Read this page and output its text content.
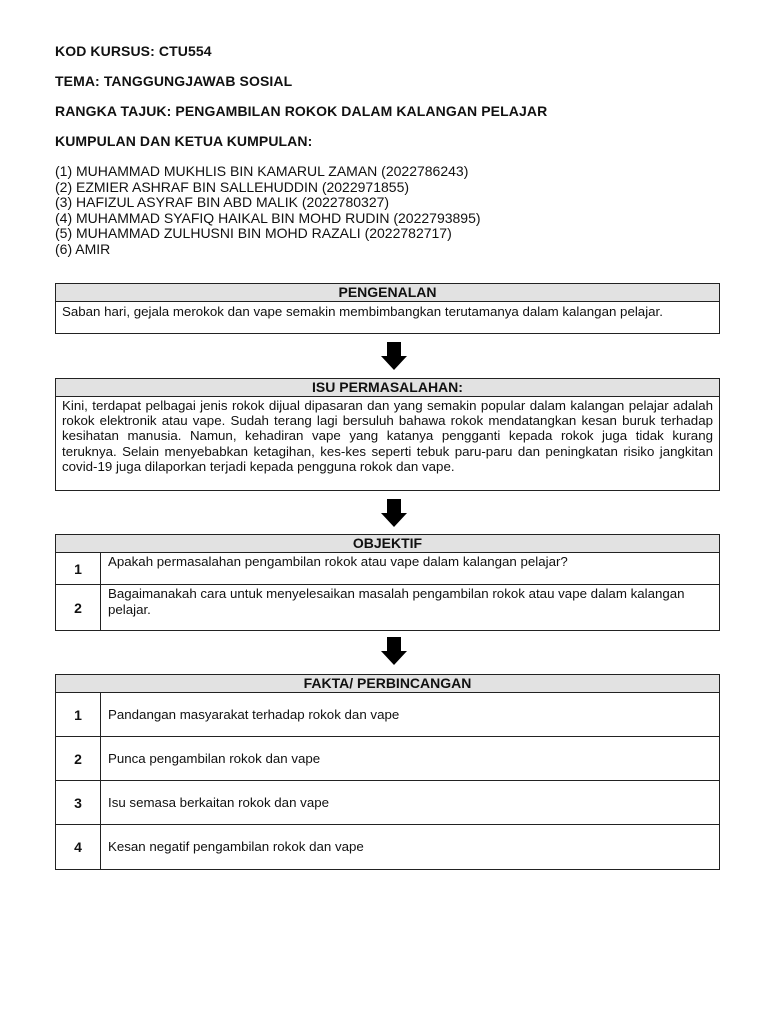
KOD KURSUS: CTU554
TEMA: TANGGUNGJAWAB SOSIAL
RANGKA TAJUK: PENGAMBILAN ROKOK DALAM KALANGAN PELAJAR
KUMPULAN DAN KETUA KUMPULAN:
(1) MUHAMMAD MUKHLIS BIN KAMARUL ZAMAN (2022786243)
(2) EZMIER ASHRAF BIN SALLEHUDDIN (2022971855)
(3) HAFIZUL ASYRAF BIN ABD MALIK (2022780327)
(4) MUHAMMAD SYAFIQ HAIKAL BIN MOHD RUDIN (2022793895)
(5) MUHAMMAD ZULHUSNI BIN MOHD RAZALI (2022782717)
(6) AMIR
PENGENALAN
Saban hari, gejala merokok dan vape semakin membimbangkan terutamanya dalam kalangan pelajar.
ISU PERMASALAHAN:
Kini, terdapat pelbagai jenis rokok dijual dipasaran dan yang semakin popular dalam kalangan pelajar adalah rokok elektronik atau vape. Sudah terang lagi bersuluh bahawa rokok mendatangkan kesan buruk terhadap kesihatan manusia. Namun, kehadiran vape yang katanya pengganti kepada rokok juga tidak kurang teruknya. Selain menyebabkan ketagihan, kes-kes seperti tebuk paru-paru dan peningkatan risiko jangkitan covid-19 juga dilaporkan terjadi kepada pengguna rokok dan vape.
OBJEKTIF
1	Apakah permasalahan pengambilan rokok atau vape dalam kalangan pelajar?
2	Bagaimanakah cara untuk menyelesaikan masalah pengambilan rokok atau vape dalam kalangan pelajar.
FAKTA/ PERBINCANGAN
1	Pandangan masyarakat terhadap rokok dan vape
2	Punca pengambilan rokok dan vape
3	Isu semasa berkaitan rokok dan vape
4	Kesan negatif pengambilan rokok dan vape
